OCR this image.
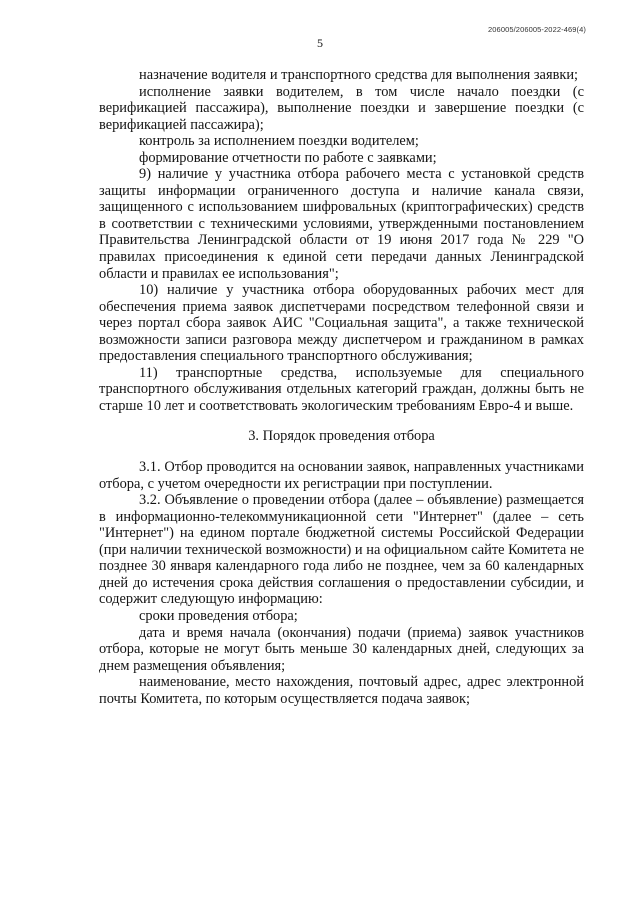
206005/206005-2022-469(4)
5

назначение водителя и транспортного средства для выполнения заявки;

исполнение заявки водителем, в том числе начало поездки (с верификацией пассажира), выполнение поездки и завершение поездки (с верификацией пассажира);

контроль за исполнением поездки водителем;

формирование отчетности по работе с заявками;

9) наличие у участника отбора рабочего места с установкой средств защиты информации ограниченного доступа и наличие канала связи, защищенного с использованием шифровальных (криптографических) средств в соответствии с техническими условиями, утвержденными постановлением Правительства Ленинградской области от 19 июня 2017 года № 229 "О правилах присоединения к единой сети передачи данных Ленинградской области и правилах ее использования";

10) наличие у участника отбора оборудованных рабочих мест для обеспечения приема заявок диспетчерами посредством телефонной связи и через портал сбора заявок АИС "Социальная защита", а также технической возможности записи разговора между диспетчером и гражданином в рамках предоставления специального транспортного обслуживания;

11) транспортные средства, используемые для специального транспортного обслуживания отдельных категорий граждан, должны быть не старше 10 лет и соответствовать экологическим требованиям Евро-4 и выше.

3. Порядок проведения отбора

3.1. Отбор проводится на основании заявок, направленных участниками отбора, с учетом очередности их регистрации при поступлении.

3.2. Объявление о проведении отбора (далее – объявление) размещается в информационно-телекоммуникационной сети "Интернет" (далее – сеть "Интернет") на едином портале бюджетной системы Российской Федерации (при наличии технической возможности) и на официальном сайте Комитета не позднее 30 января календарного года либо не позднее, чем за 60 календарных дней до истечения срока действия соглашения о предоставлении субсидии, и содержит следующую информацию:

сроки проведения отбора;

дата и время начала (окончания) подачи (приема) заявок участников отбора, которые не могут быть меньше 30 календарных дней, следующих за днем размещения объявления;

наименование, место нахождения, почтовый адрес, адрес электронной почты Комитета, по которым осуществляется подача заявок;
